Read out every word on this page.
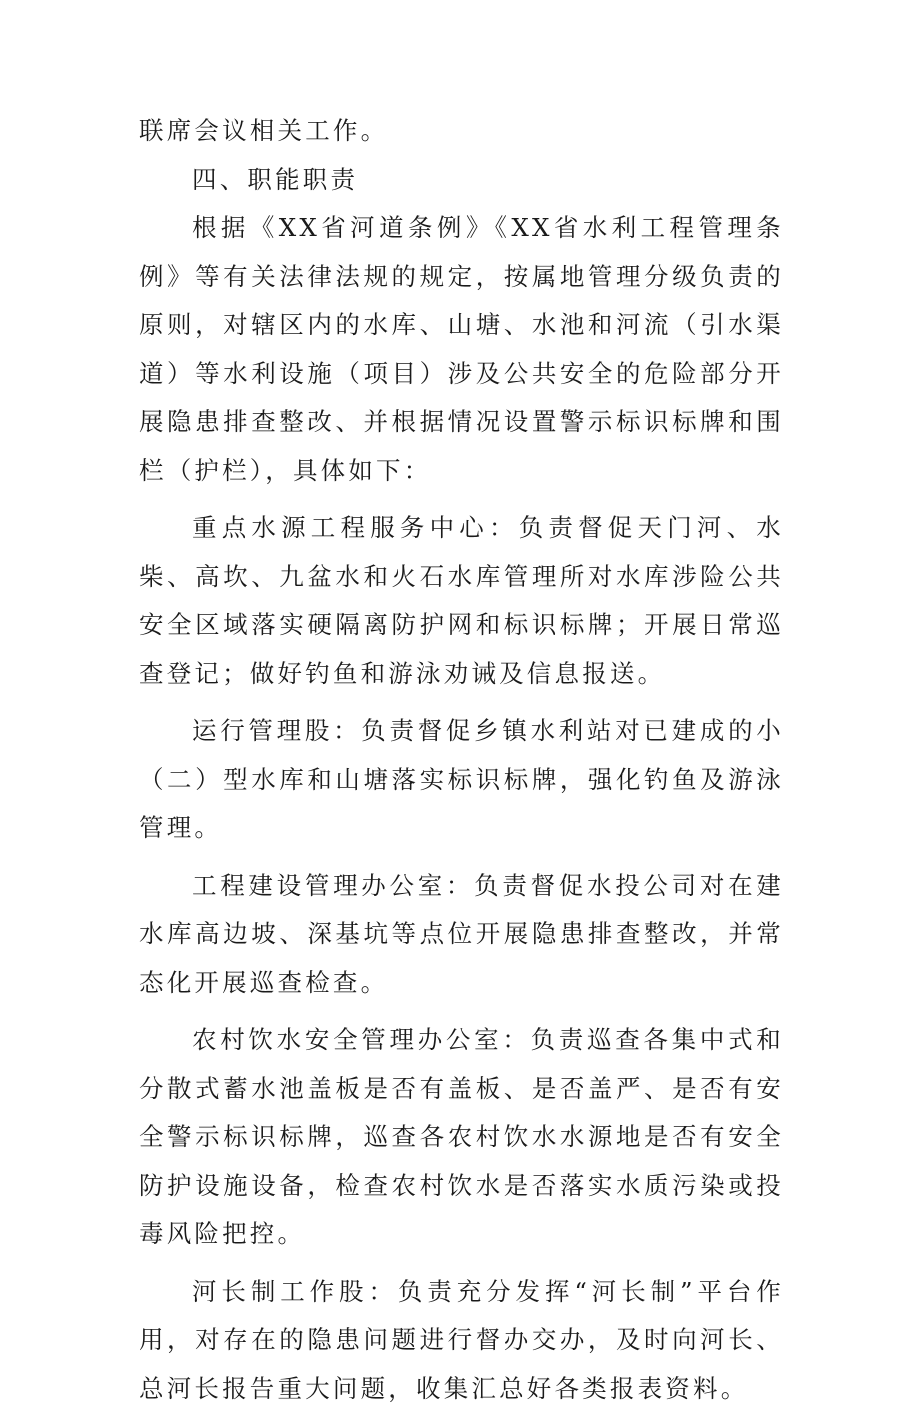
联席会议相关工作。

四、职能职责

根据《XX省河道条例》《XX省水利工程管理条例》等有关法律法规的规定，按属地管理分级负责的原则，对辖区内的水库、山塘、水池和河流（引水渠道）等水利设施（项目）涉及公共安全的危险部分开展隐患排查整改、并根据情况设置警示标识标牌和围栏（护栏），具体如下：

重点水源工程服务中心：负责督促天门河、水柴、高坎、九盆水和火石水库管理所对水库涉险公共安全区域落实硬隔离防护网和标识标牌；开展日常巡查登记；做好钓鱼和游泳劝诫及信息报送。

运行管理股：负责督促乡镇水利站对已建成的小（二）型水库和山塘落实标识标牌，强化钓鱼及游泳管理。

工程建设管理办公室：负责督促水投公司对在建水库高边坡、深基坑等点位开展隐患排查整改，并常态化开展巡查检查。

农村饮水安全管理办公室：负责巡查各集中式和分散式蓄水池盖板是否有盖板、是否盖严、是否有安全警示标识标牌，巡查各农村饮水水源地是否有安全防护设施设备，检查农村饮水是否落实水质污染或投毒风险把控。

河长制工作股：负责充分发挥“河长制”平台作用，对存在的隐患问题进行督办交办，及时向河长、总河长报告重大问题，收集汇总好各类报表资料。
